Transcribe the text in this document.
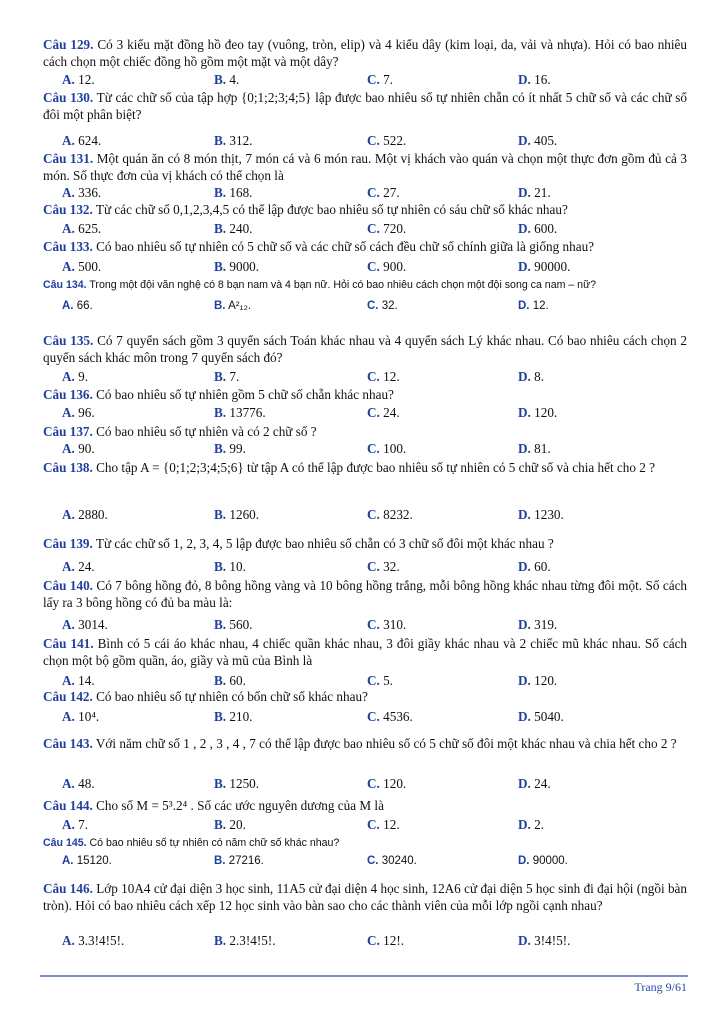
Câu 129. Có 3 kiểu mặt đồng hồ đeo tay (vuông, tròn, elip) và 4 kiểu dây (kim loại, da, vải và nhựa). Hỏi có bao nhiêu cách chọn một chiếc đồng hồ gồm một mặt và một dây?
A. 12.	B. 4.	C. 7.	D. 16.
Câu 130. Từ các chữ số của tập hợp {0;1;2;3;4;5} lập được bao nhiêu số tự nhiên chẵn có ít nhất 5 chữ số và các chữ số đôi một phân biệt?
A. 624.	B. 312.	C. 522.	D. 405.
Câu 131. Một quán ăn có 8 món thịt, 7 món cá và 6 món rau. Một vị khách vào quán và chọn một thực đơn gồm đủ cả 3 món. Số thực đơn của vị khách có thể chọn là
A. 336.	B. 168.	C. 27.	D. 21.
Câu 132. Từ các chữ số 0,1,2,3,4,5 có thể lập được bao nhiêu số tự nhiên có sáu chữ số khác nhau?
A. 625.	B. 240.	C. 720.	D. 600.
Câu 133. Có bao nhiêu số tự nhiên có 5 chữ số và các chữ số cách đều chữ số chính giữa là giống nhau?
A. 500.	B. 9000.	C. 900.	D. 90000.
Câu 134. Trong một đội văn nghệ có 8 bạn nam và 4 bạn nữ. Hỏi có bao nhiêu cách chọn một đội song ca nam – nữ?
A. 66.	B. A²₁₂.	C. 32.	D. 12.
Câu 135. Có 7 quyển sách gồm 3 quyển sách Toán khác nhau và 4 quyển sách Lý khác nhau. Có bao nhiêu cách chọn 2 quyển sách khác môn trong 7 quyển sách đó?
A. 9.	B. 7.	C. 12.	D. 8.
Câu 136. Có bao nhiêu số tự nhiên gồm 5 chữ số chẵn khác nhau?
A. 96.	B. 13776.	C. 24.	D. 120.
Câu 137. Có bao nhiêu số tự nhiên và có 2 chữ số ?
A. 90.	B. 99.	C. 100.	D. 81.
Câu 138. Cho tập A = {0;1;2;3;4;5;6} từ tập A có thể lập được bao nhiêu số tự nhiên có 5 chữ số và chia hết cho 2 ?
A. 2880.	B. 1260.	C. 8232.	D. 1230.
Câu 139. Từ các chữ số 1, 2, 3, 4, 5 lập được bao nhiêu số chẵn có 3 chữ số đôi một khác nhau ?
A. 24.	B. 10.	C. 32.	D. 60.
Câu 140. Có 7 bông hồng đỏ, 8 bông hồng vàng và 10 bông hồng trắng, mỗi bông hồng khác nhau từng đôi một. Số cách lấy ra 3 bông hồng có đủ ba màu là:
A. 3014.	B. 560.	C. 310.	D. 319.
Câu 141. Bình có 5 cái áo khác nhau, 4 chiếc quần khác nhau, 3 đôi giầy khác nhau và 2 chiếc mũ khác nhau. Số cách chọn một bộ gồm quần, áo, giầy và mũ của Bình là
A. 14.	B. 60.	C. 5.	D. 120.
Câu 142. Có bao nhiêu số tự nhiên có bốn chữ số khác nhau?
A. 10⁴.	B. 210.	C. 4536.	D. 5040.
Câu 143. Với năm chữ số 1 , 2 , 3 , 4 , 7 có thể lập được bao nhiêu số có 5 chữ số đôi một khác nhau và chia hết cho 2 ?
A. 48.	B. 1250.	C. 120.	D. 24.
Câu 144. Cho số M = 5³.2⁴ . Số các ước nguyên dương của M là
A. 7.	B. 20.	C. 12.	D. 2.
Câu 145. Có bao nhiêu số tự nhiên có năm chữ số khác nhau?
A. 15120.	B. 27216.	C. 30240.	D. 90000.
Câu 146. Lớp 10A4 cử đại diện 3 học sinh, 11A5 cử đại diện 4 học sinh, 12A6 cử đại diện 5 học sinh đi đại hội (ngồi bàn tròn). Hỏi có bao nhiêu cách xếp 12 học sinh vào bàn sao cho các thành viên của mỗi lớp ngồi cạnh nhau?
A. 3.3!4!5!.	B. 2.3!4!5!.	C. 12!.	D. 3!4!5!.
Trang 9/61
